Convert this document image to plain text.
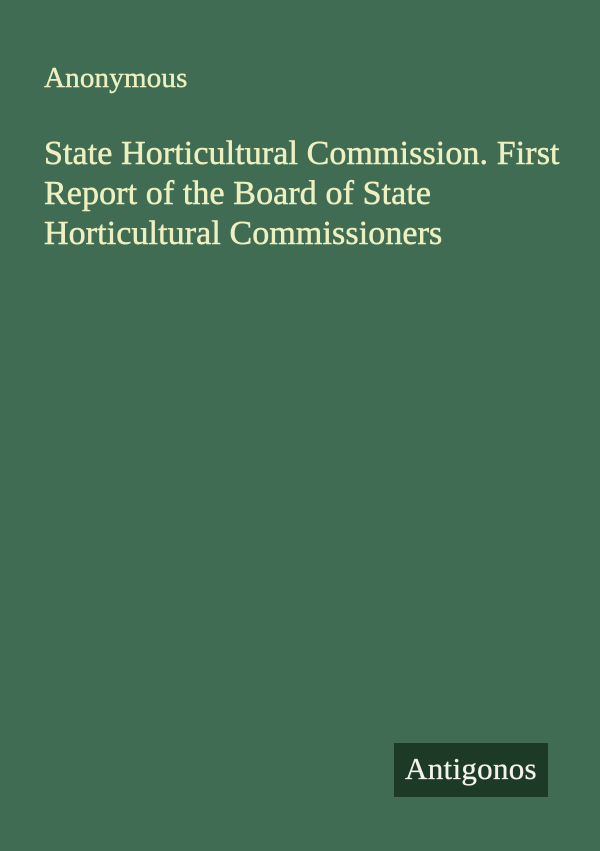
Anonymous
State Horticultural Commission. First
Report of the Board of State
Horticultural Commissioners
Antigonos
